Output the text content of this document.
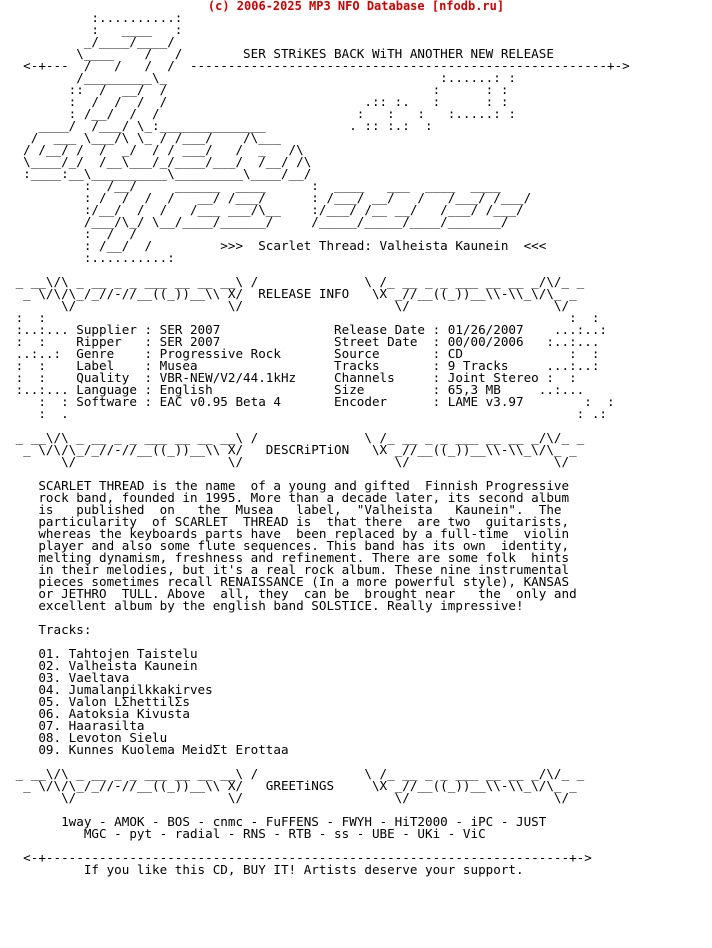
(c) 2006-2025 MP3 NFO Database [nfodb.ru]
:..........:
:   ____   :
_/____/____/
\____    /   /        SER STRiKES BACK WiTH ANOTHER NEW RELEASE
<-+---  /   /   /  /  -------------------------------------------------------+->
/_________\_                                    :......: :
::  /  __/  /                                   :      : :
:  /  /  /  /                          .:: :.   :      : :
: /__/  /  /                          :   :   :   :.....: :
____/  /___/ \_:______________           . :: :.:  :
/  ___ \___/\ \_ / /___/    /\___
/ /__/ /  /  _/  / / ___/   /  _   /\
\____/_/  /__\___/_/____/___/  /__/ /\
:____:__\__________\_________\____/__/
:  /__/     ______  ____      :  ____   ___  ____  ____
: /  /  /  /   __/ /___/      : /___/ __/   /   /___/ /___/
:/__/  /  /   /___ ___/\__    :/___/ /__ __/   /___/ /___/
/___/\_/ \__/____/______/     /_____/_____/____/_______/
:  /  /
: /__/  /         >>>  Scarlet Thread: Valheista Kaunein  <<<
:..........:

_ __\/\ _ __ _ _ ___ __ __ __\ /              \ /_ __ _ _ ___ __ __ _/\/_ _
_ \/\/\_/_//-//__((_))__\\ X/  RELEASE INFO   \X _//__((_))__\\-\\_\/\_ _
\/                    \/                    \/                   \/
:  :                                                                     :  :
:..:... Supplier : SER 2007               Release Date : 01/26/2007    ...:..:
:  :    Ripper   : SER 2007               Street Date  : 00/00/2006   :..:...
..:..:  Genre    : Progressive Rock       Source       : CD              :  :
:  :    Label    : Musea                  Tracks       : 9 Tracks     ...:..:
:  :    Quality  : VBR-NEW/V2/44.1kHz     Channels     : Joint Stereo :  :
:..:... Language : English                Size         : 65,3 MB     ..:...
:  : Software : EAC v0.95 Beta 4       Encoder      : LAME v3.97        :  :
:  .                                                                   : .:

_ __\/\ _ __ _ _ ___ __ __ __\ /              \ /_ __ _ _ ___ __ __ _/\/_ _
_ \/\/\_/_//-//__((_))__\\ X/   DESCRiPTiON   \X _//__((_))__\\-\\_\/\_ _
\/                    \/                    \/                   \/

SCARLET THREAD is the name  of a young and gifted  Finnish Progressive
rock band, founded in 1995. More than a decade later, its second album
is   published  on   the  Musea   label,  "Valheista   Kaunein".  The
particularity  of SCARLET  THREAD is  that there  are two  guitarists,
whereas the keyboards parts have  been replaced by a full-time  violin
player and also some flute sequences. This band has its own  identity,
melting dynamism, freshness and refinement. There are some folk  hints
in their melodies, but it's a real rock album. These nine instrumental
pieces sometimes recall RENAISSANCE (In a more powerful style), KANSAS
or JETHRO  TULL. Above  all, they  can be  brought near   the  only and
excellent album by the english band SOLSTICE. Really impressive!

Tracks:

01. Tahtojen Taistelu
02. Valheista Kaunein
03. Vaeltava
04. Jumalanpilkkakirves
05. Valon LΣhettilΣs
06. Aatoksia Kivusta
07. Haarasilta
08. Levoton Sielu
09. Kunnes Kuolema MeidΣt Erottaa

_ __\/\ _ __ _ _ ___ __ __ __\ /              \ /_ __ _ _ ___ __ __ _/\/_ _
_ \/\/\_/_//-//__((_))__\\ X/   GREETiNGS     \X _//__((_))__\\-\\_\/\_ _
\/                    \/                    \/                   \/

1way - AMOK - BOS - cnmc - FuFFENS - FWYH - HiT2000 - iPC - JUST
MGC - pyt - radial - RNS - RTB - ss - UBE - UKi - ViC

<-+---------------------------------------------------------------------+->
If you like this CD, BUY IT! Artists deserve your support.
